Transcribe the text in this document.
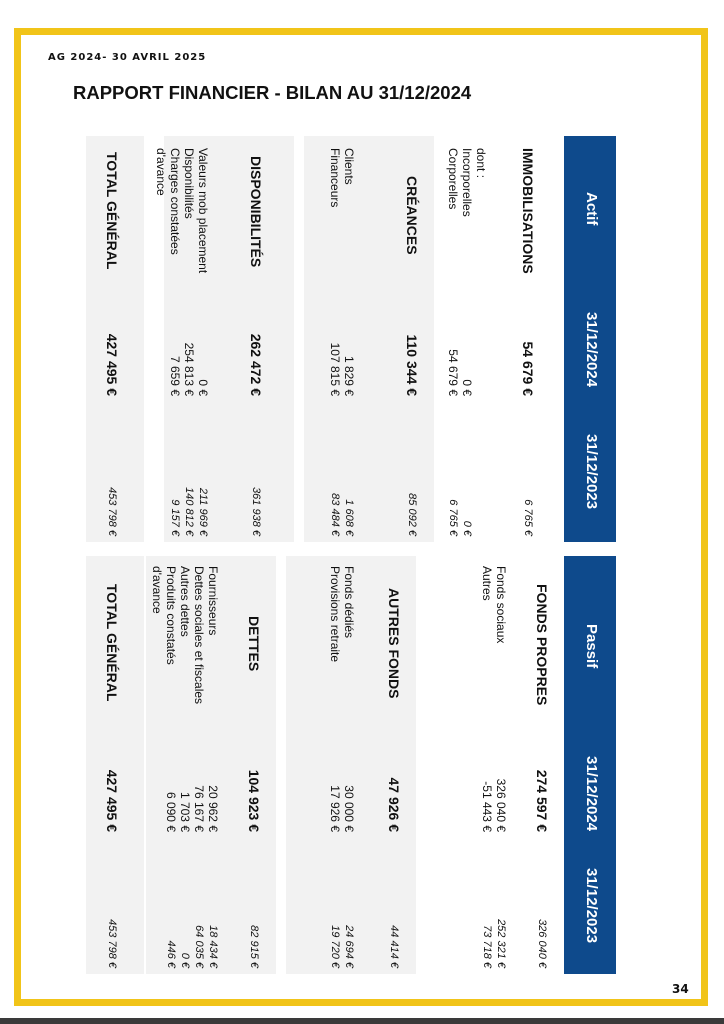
AG 2024- 30 AVRIL 2025
RAPPORT FINANCIER - BILAN AU 31/12/2024
34
Actif
31/12/2024
31/12/2023
IMMOBILISATIONS
54 679 €
6 765 €
dont :
Incorporelles
Corporelles

0 €
54 679 €

0 €
6 765 €
CRÉANCES
110 344 €
85 092 €
Clients
Financeurs
1 829 €
107 815 €
1 608 €
83 484 €
DISPONIBILITÉS
262 472 €
361 938 €
Valeurs mob placement
Disponibilités
Charges constatées
d'avance
0 €
254 813 €
7 659 €
211 969 €
140 812 €
9 157 €
TOTAL GÉNÉRAL
427 495 €
453 798 €
Passif
31/12/2024
31/12/2023
FONDS PROPRES
274 597 €
326 040 €
Fonds sociaux
Autres
326 040 €
-51 443 €
252 321 €
73 718 €
AUTRES FONDS
47 926 €
44 414 €
Fonds dédiés
Provisions retraite
30 000 €
17 926 €
24 694 €
19 720 €
DETTES
104 923 €
82 915 €
Fournisseurs
Dettes sociales et fiscales
Autres dettes
Produits constatés
d'avance
20 962 €
76 167 €
1 703 €
6 090 €
18 434 €
64 035 €
0 €
446 €
TOTAL GÉNÉRAL
427 495 €
453 798 €
